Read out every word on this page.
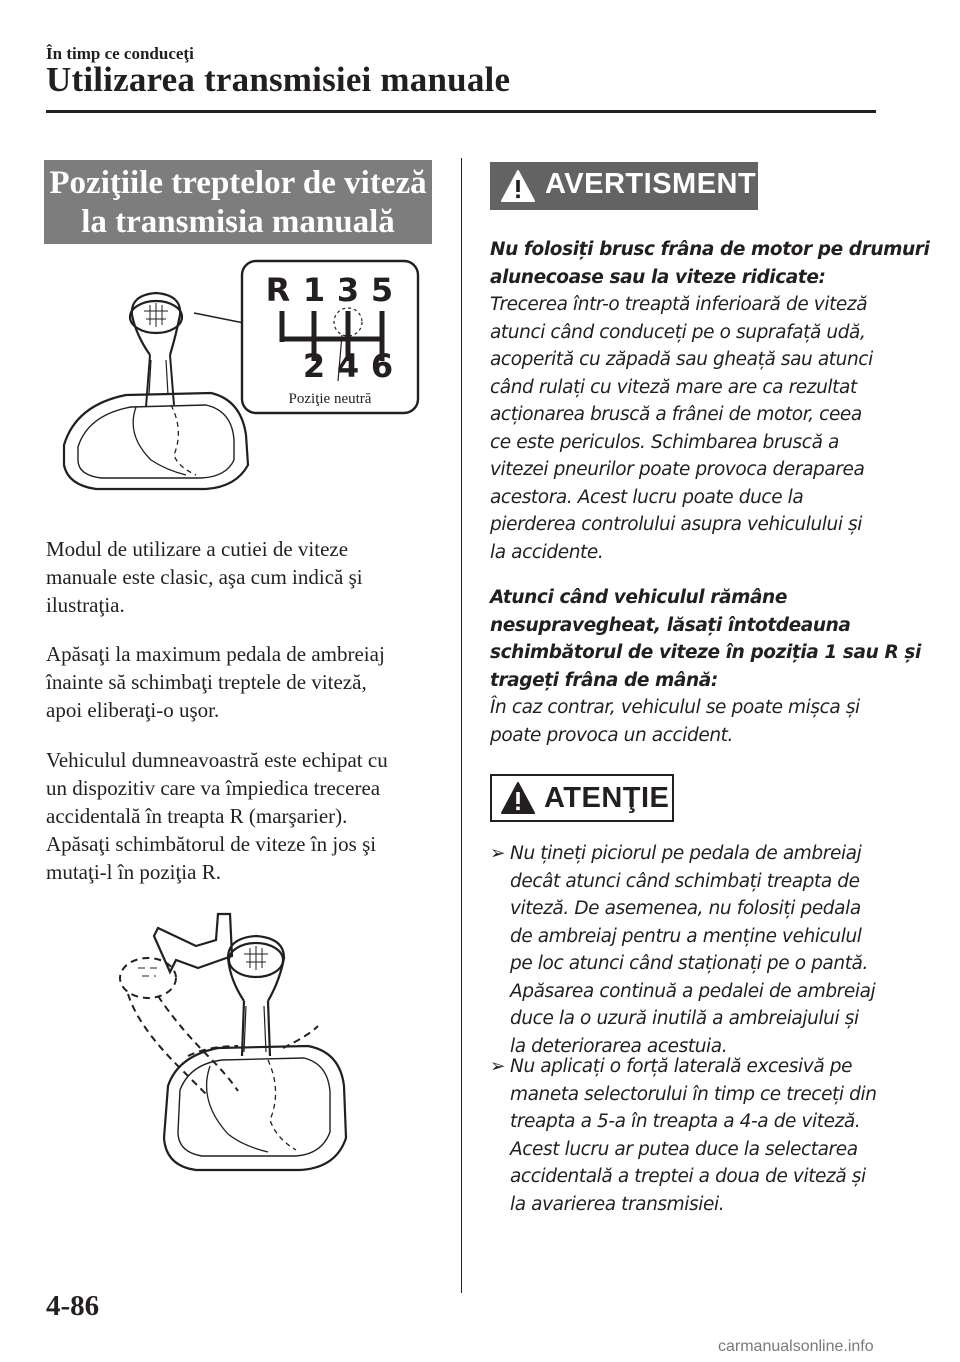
În timp ce conduceţi
Utilizarea transmisiei manuale
Poziţiile treptelor de viteză
la transmisia manuală
R 1 3 5
2 4 6
Poziţie neutră
Modul de utilizare a cutiei de viteze
manuale este clasic, aşa cum indică şi
ilustraţia.
Apăsaţi la maximum pedala de ambreiaj
înainte să schimbaţi treptele de viteză,
apoi eliberaţi-o uşor.
Vehiculul dumneavoastră este echipat cu
un dispozitiv care va împiedica trecerea
accidentală în treapta R (marşarier).
Apăsaţi schimbătorul de viteze în jos şi
mutaţi-l în poziţia R.
AVERTISMENT
Nu folosiți brusc frâna de motor pe drumuri
alunecoase sau la viteze ridicate:
Trecerea într-o treaptă inferioară de viteză
atunci când conduceți pe o suprafață udă,
acoperită cu zăpadă sau gheață sau atunci
când rulați cu viteză mare are ca rezultat
acționarea bruscă a frânei de motor, ceea
ce este periculos. Schimbarea bruscă a
vitezei pneurilor poate provoca deraparea
acestora. Acest lucru poate duce la
pierderea controlului asupra vehiculului și
la accidente.
Atunci când vehiculul rămâne
nesupravegheat, lăsați întotdeauna
schimbătorul de viteze în poziția 1 sau R și
trageți frâna de mână:
În caz contrar, vehiculul se poate mișca și
poate provoca un accident.
ATENŢIE
➢ Nu țineți piciorul pe pedala de ambreiaj
decât atunci când schimbați treapta de
viteză. De asemenea, nu folosiți pedala
de ambreiaj pentru a menține vehiculul
pe loc atunci când staționați pe o pantă.
Apăsarea continuă a pedalei de ambreiaj
duce la o uzură inutilă a ambreiajului și
la deteriorarea acestuia.
➢ Nu aplicați o forță laterală excesivă pe
maneta selectorului în timp ce treceți din
treapta a 5-a în treapta a 4-a de viteză.
Acest lucru ar putea duce la selectarea
accidentală a treptei a doua de viteză și
la avarierea transmisiei.
4-86
carmanualsonline.info
